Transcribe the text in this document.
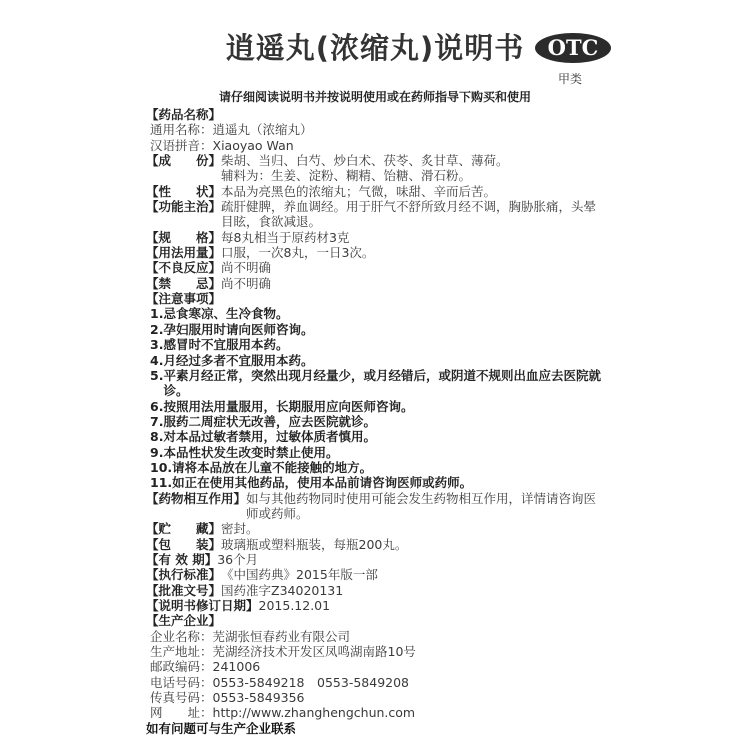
逍遥丸(浓缩丸)说明书	OTC
甲类
请仔细阅读说明书并按说明使用或在药师指导下购买和使用
【药品名称】
通用名称： 逍遥丸（浓缩丸）
汉语拼音： Xiaoyao Wan
【成　　份】 柴胡、当归、白芍、炒白术、茯苓、炙甘草、薄荷。
辅料为：生姜、淀粉、糊精、饴糖、滑石粉。
【性　　状】 本品为亮黑色的浓缩丸；气微，味甜、辛而后苦。
【功能主治】 疏肝健脾，养血调经。用于肝气不舒所致月经不调，胸胁胀痛，头晕目眩，食欲减退。
【规　　格】 每8丸相当于原药材3克
【用法用量】 口服，一次8丸，一日3次。
【不良反应】 尚不明确
【禁　　忌】 尚不明确
【注意事项】
1. 忌食寒凉、生冷食物。
2. 孕妇服用时请向医师咨询。
3. 感冒时不宜服用本药。
4. 月经过多者不宜服用本药。
5. 平素月经正常，突然出现月经量少，或月经错后，或阴道不规则出血应去医院就诊。
6. 按照用法用量服用，长期服用应向医师咨询。
7. 服药二周症状无改善，应去医院就诊。
8. 对本品过敏者禁用，过敏体质者慎用。
9. 本品性状发生改变时禁止使用。
10. 请将本品放在儿童不能接触的地方。
11. 如正在使用其他药品，使用本品前请咨询医师或药师。
【药物相互作用】 如与其他药物同时使用可能会发生药物相互作用，详情请咨询医师或药师。
【贮　　藏】 密封。
【包　　装】 玻璃瓶或塑料瓶装，每瓶200丸。
【有 效 期】 36个月
【执行标准】 《中国药典》2015年版一部
【批准文号】 国药准字Z34020131
【说明书修订日期】 2015.12.01
【生产企业】
企业名称： 芜湖张恒春药业有限公司
生产地址： 芜湖经济技术开发区凤鸣湖南路10号
邮政编码： 241006
电话号码： 0553-5849218　0553-5849208
传真号码： 0553-5849356
网　　址： http://www.zhanghengchun.com
如有问题可与生产企业联系
